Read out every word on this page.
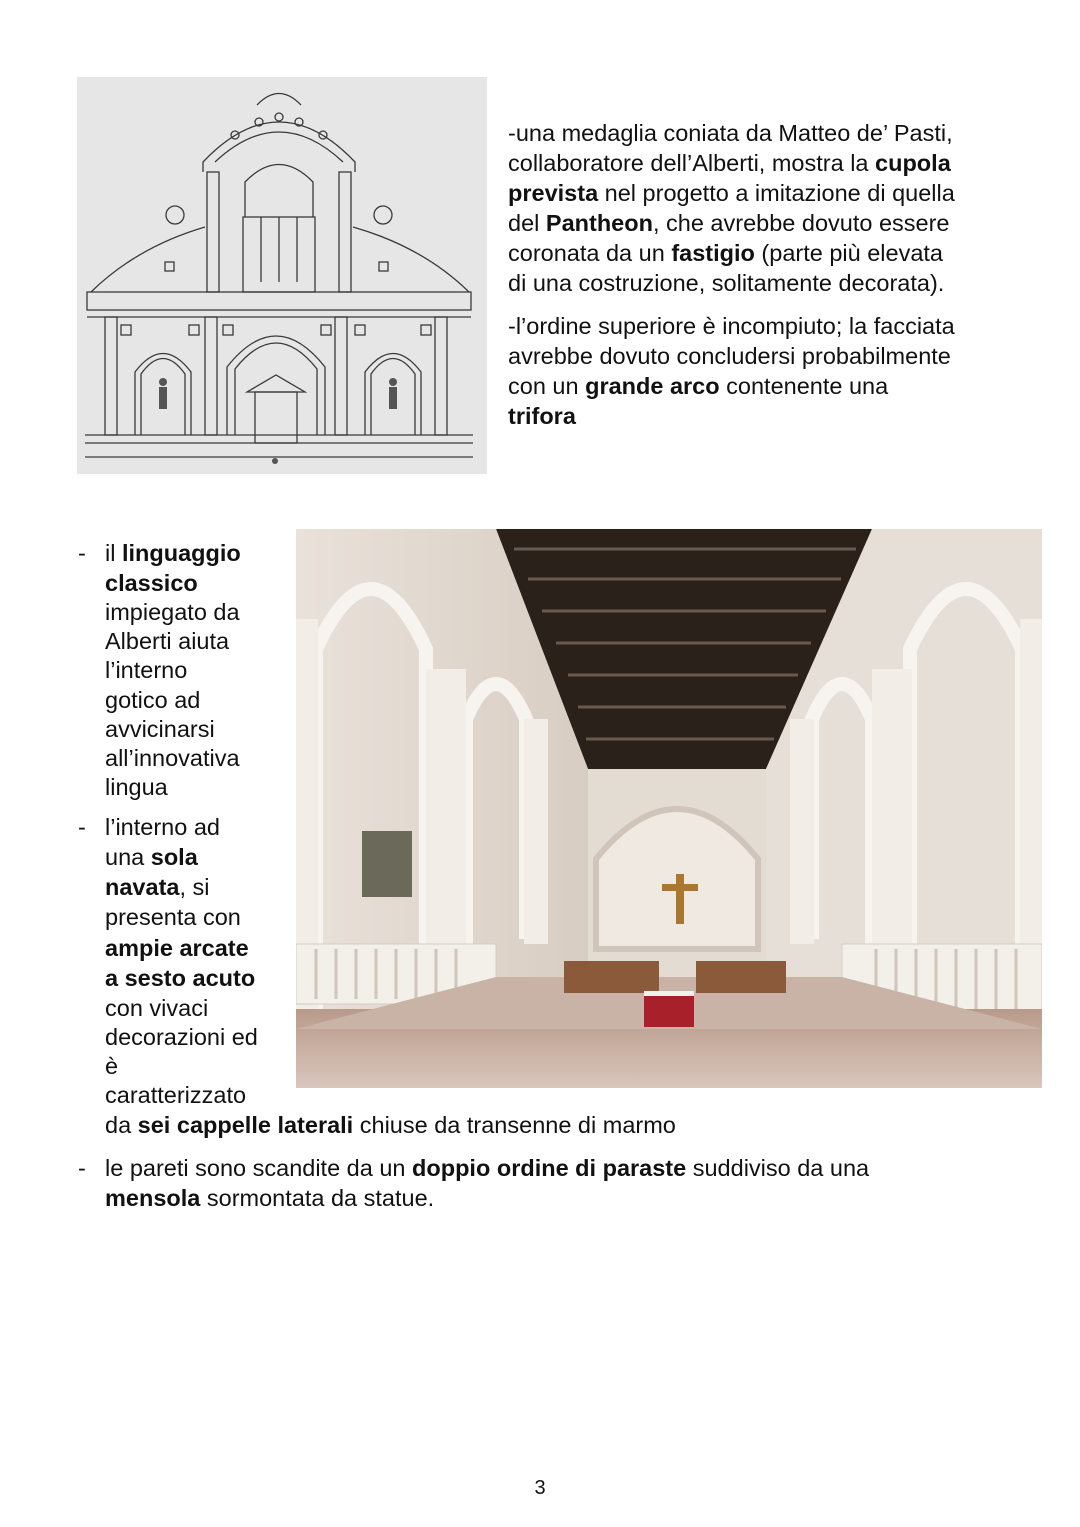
-una medaglia coniata da Matteo de’ Pasti,
collaboratore dell’Alberti, mostra la cupola
prevista nel progetto a imitazione di quella
del Pantheon, che avrebbe dovuto essere
coronata da un fastigio (parte più elevata
di una costruzione, solitamente decorata).

-l’ordine superiore è incompiuto; la facciata
avrebbe dovuto concludersi probabilmente
con un grande arco contenente una
trifora

- il linguaggio
classico
impiegato da
Alberti aiuta
l’interno
gotico ad
avvicinarsi
all’innovativa
lingua
- l’interno ad
una sola
navata, si
presenta con
ampie arcate
a sesto acuto
con vivaci
decorazioni ed
è
caratterizzato
da sei cappelle laterali chiuse da transenne di marmo
- le pareti sono scandite da un doppio ordine di paraste suddiviso da una
mensola sormontata da statue.
3
